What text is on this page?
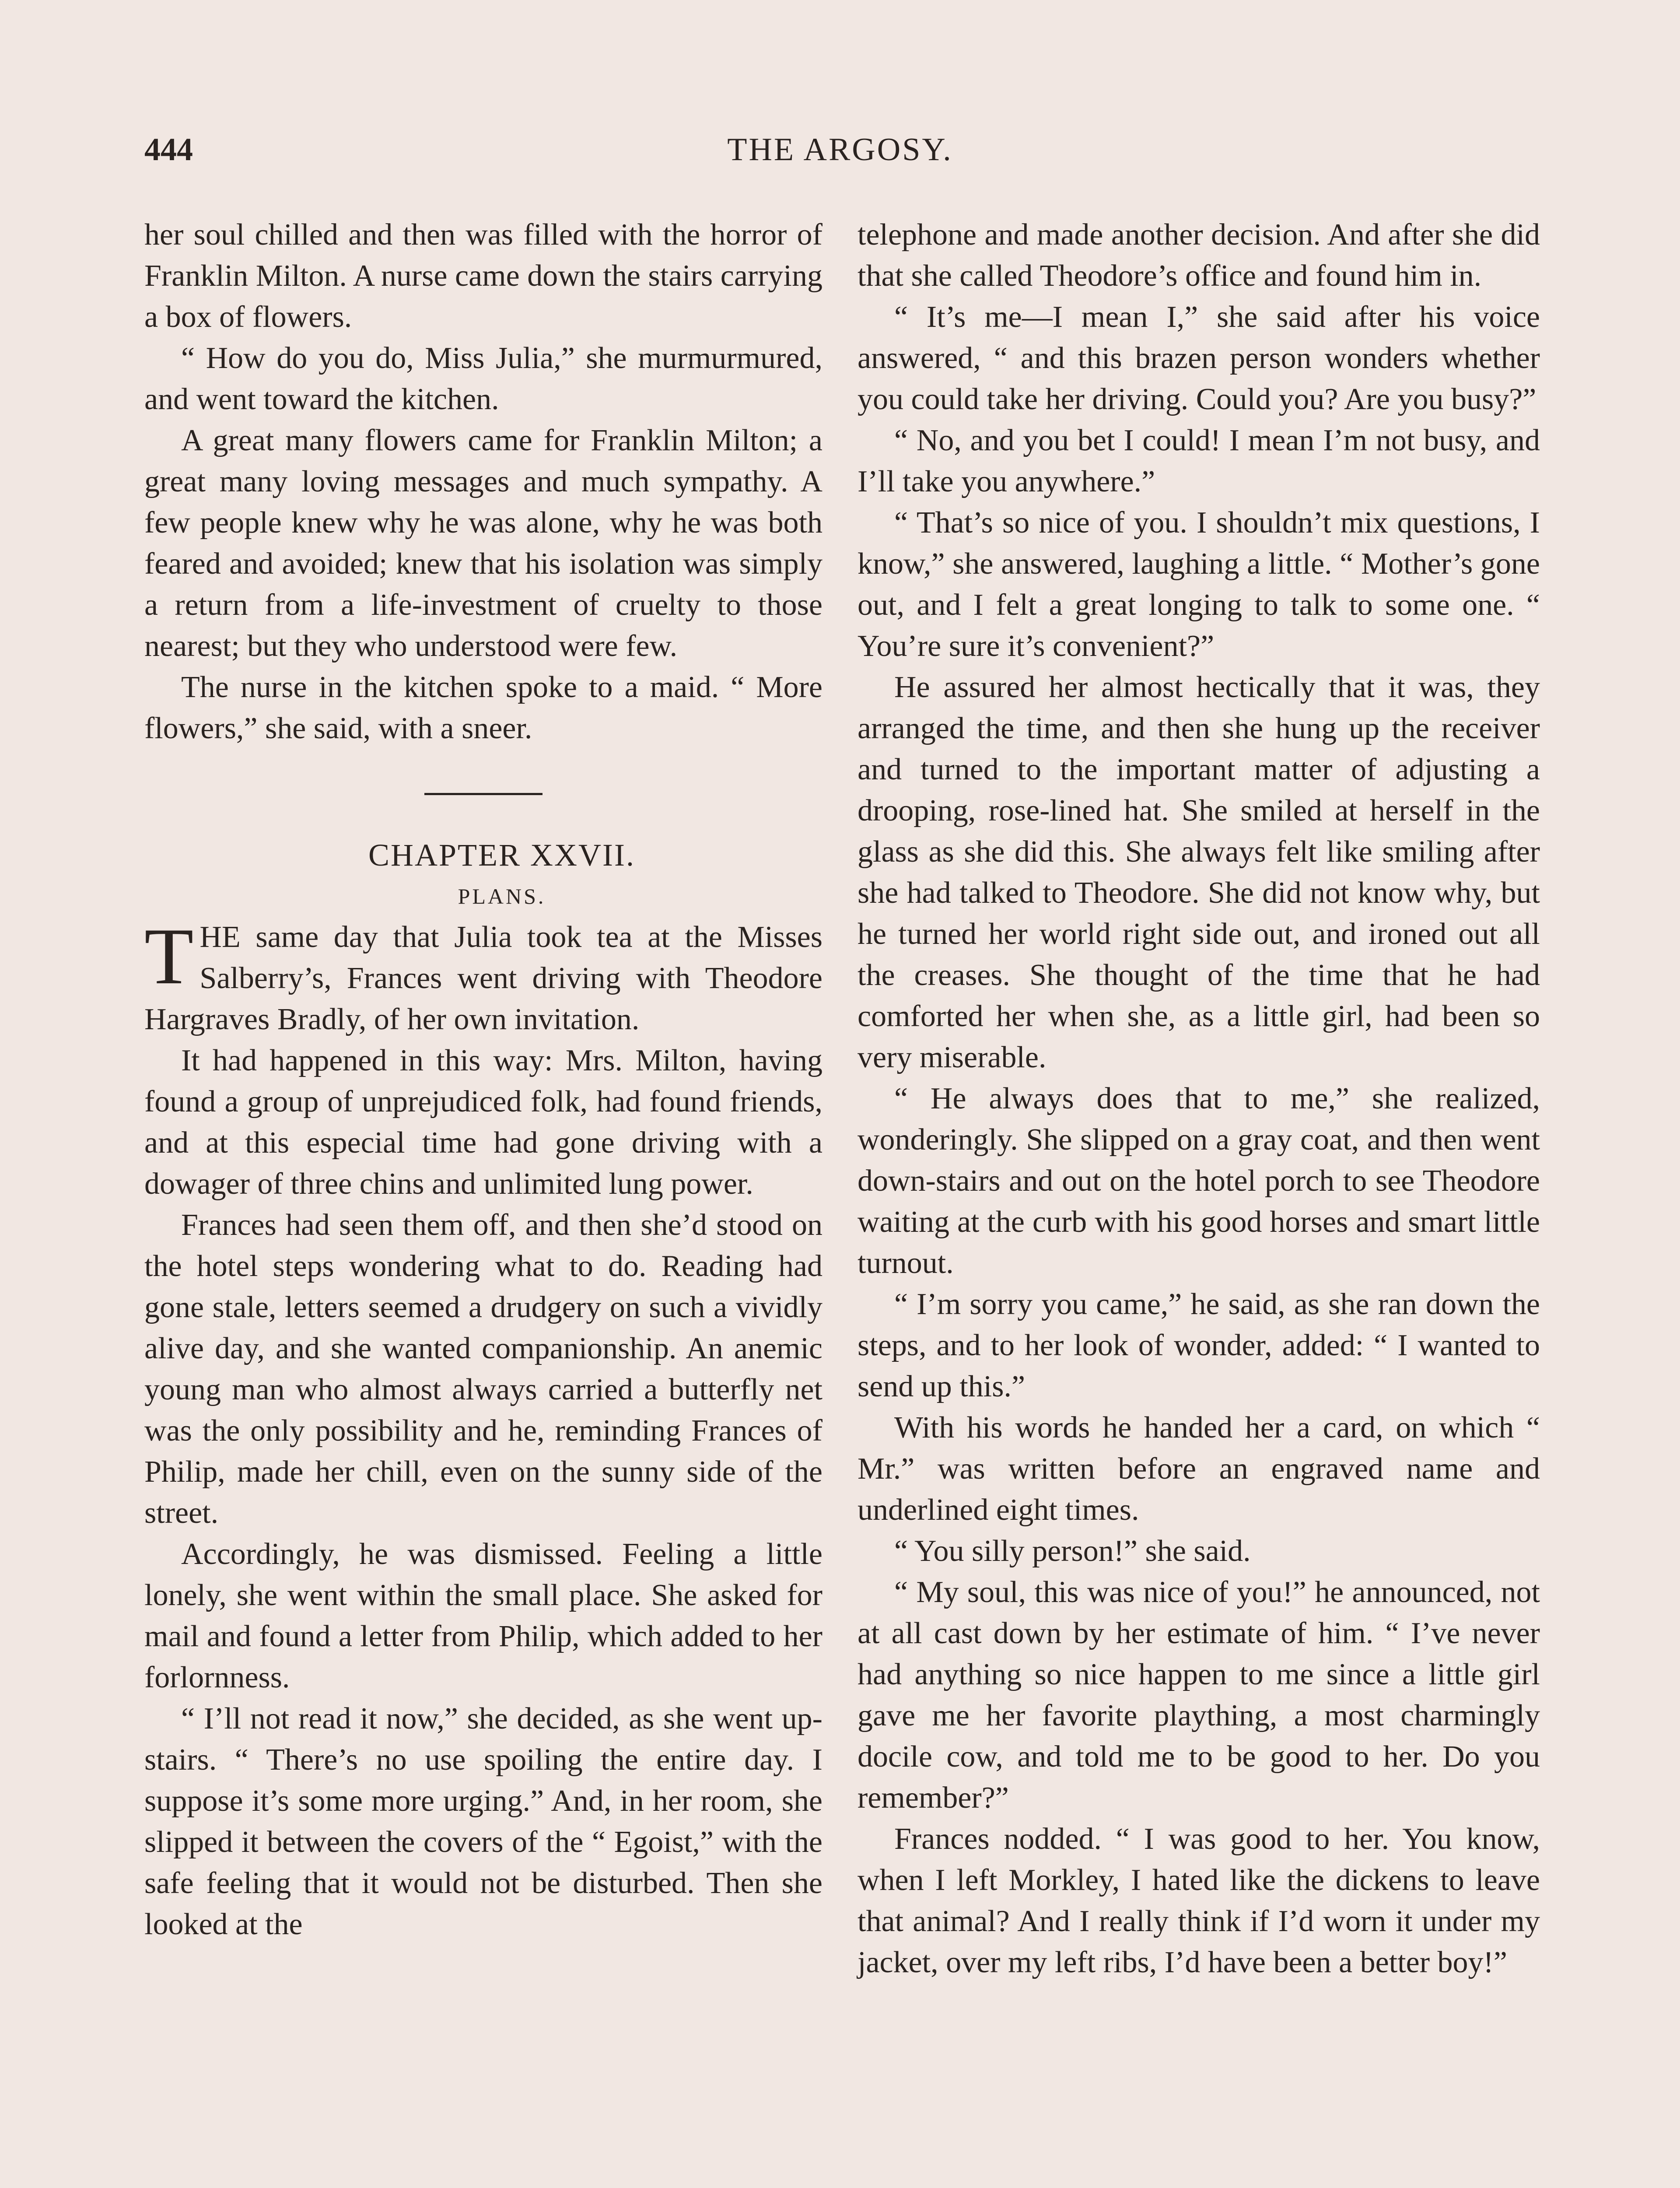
444	THE ARGOSY.

her soul chilled and then was filled with the horror of Franklin Milton. A nurse came down the stairs carrying a box of flowers.

“ How do you do, Miss Julia,” she murmurmured, and went toward the kitchen.

A great many flowers came for Franklin Milton; a great many loving messages and much sympathy. A few people knew why he was alone, why he was both feared and avoided; knew that his isolation was simply a return from a life-investment of cruelty to those nearest; but they who understood were few.

The nurse in the kitchen spoke to a maid. “ More flowers,” she said, with a sneer.

CHAPTER XXVII.

PLANS.

THE same day that Julia took tea at the Misses Salberry’s, Frances went driving with Theodore Hargraves Bradly, of her own invitation.

It had happened in this way: Mrs. Milton, having found a group of unprejudiced folk, had found friends, and at this especial time had gone driving with a dowager of three chins and unlimited lung power.

Frances had seen them off, and then she’d stood on the hotel steps wondering what to do. Reading had gone stale, letters seemed a drudgery on such a vividly alive day, and she wanted companionship. An anemic young man who almost always carried a butterfly net was the only possibility and he, reminding Frances of Philip, made her chill, even on the sunny side of the street.

Accordingly, he was dismissed. Feeling a little lonely, she went within the small place. She asked for mail and found a letter from Philip, which added to her forlornness.

“ I’ll not read it now,” she decided, as she went up-stairs. “ There’s no use spoiling the entire day. I suppose it’s some more urging.” And, in her room, she slipped it between the covers of the “ Egoist,” with the safe feeling that it would not be disturbed. Then she looked at the

telephone and made another decision. And after she did that she called Theodore’s office and found him in.

“ It’s me—I mean I,” she said after his voice answered, “ and this brazen person wonders whether you could take her driving. Could you? Are you busy?”

“ No, and you bet I could! I mean I’m not busy, and I’ll take you anywhere.”

“ That’s so nice of you. I shouldn’t mix questions, I know,” she answered, laughing a little. “ Mother’s gone out, and I felt a great longing to talk to some one. “ You’re sure it’s convenient?”

He assured her almost hectically that it was, they arranged the time, and then she hung up the receiver and turned to the important matter of adjusting a drooping, rose-lined hat. She smiled at herself in the glass as she did this. She always felt like smiling after she had talked to Theodore. She did not know why, but he turned her world right side out, and ironed out all the creases. She thought of the time that he had comforted her when she, as a little girl, had been so very miserable.

“ He always does that to me,” she realized, wonderingly. She slipped on a gray coat, and then went down-stairs and out on the hotel porch to see Theodore waiting at the curb with his good horses and smart little turnout.

“ I’m sorry you came,” he said, as she ran down the steps, and to her look of wonder, added: “ I wanted to send up this.”

With his words he handed her a card, on which “ Mr.” was written before an engraved name and underlined eight times.

“ You silly person!” she said.

“ My soul, this was nice of you!” he announced, not at all cast down by her estimate of him. “ I’ve never had anything so nice happen to me since a little girl gave me her favorite plaything, a most charmingly docile cow, and told me to be good to her. Do you remember?”

Frances nodded. “ I was good to her. You know, when I left Morkley, I hated like the dickens to leave that animal? And I really think if I’d worn it under my jacket, over my left ribs, I’d have been a better boy!”
